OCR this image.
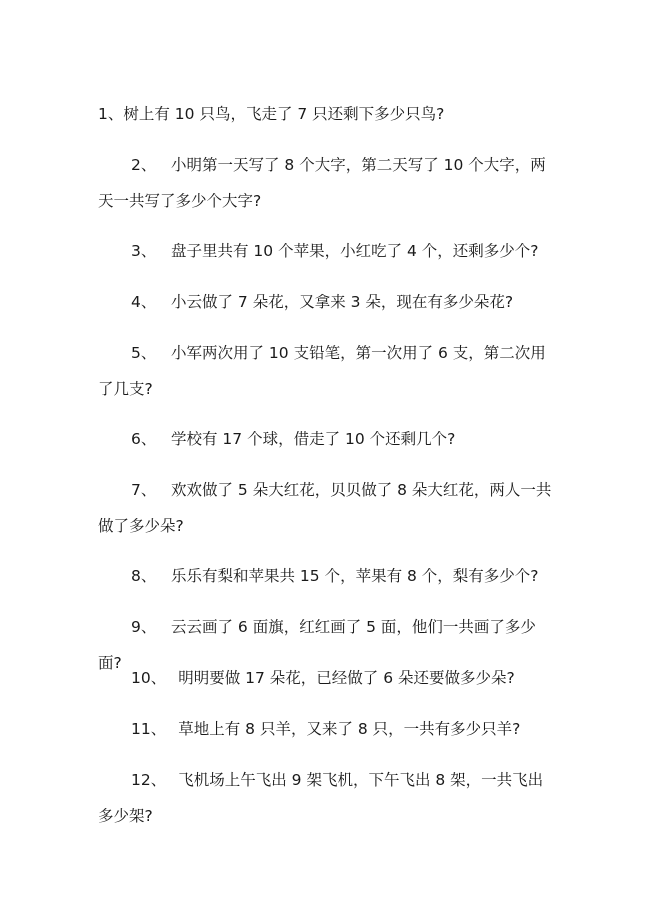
1、树上有 10 只鸟，飞走了 7 只还剩下多少只鸟?

2、 小明第一天写了 8 个大字，第二天写了 10 个大字，两天一共写了多少个大字?

3、 盘子里共有 10 个苹果，小红吃了 4 个，还剩多少个?

4、 小云做了 7 朵花，又拿来 3 朵，现在有多少朵花?

5、 小军两次用了 10 支铅笔，第一次用了 6 支，第二次用了几支?

6、 学校有 17 个球，借走了 10 个还剩几个?

7、 欢欢做了 5 朵大红花，贝贝做了 8 朵大红花，两人一共做了多少朵?

8、 乐乐有梨和苹果共 15 个，苹果有 8 个，梨有多少个?

9、 云云画了 6 面旗，红红画了 5 面，他们一共画了多少面?

10、 明明要做 17 朵花，已经做了 6 朵还要做多少朵?

11、 草地上有 8 只羊，又来了 8 只，一共有多少只羊?

12、 飞机场上午飞出 9 架飞机，下午飞出 8 架，一共飞出多少架?
